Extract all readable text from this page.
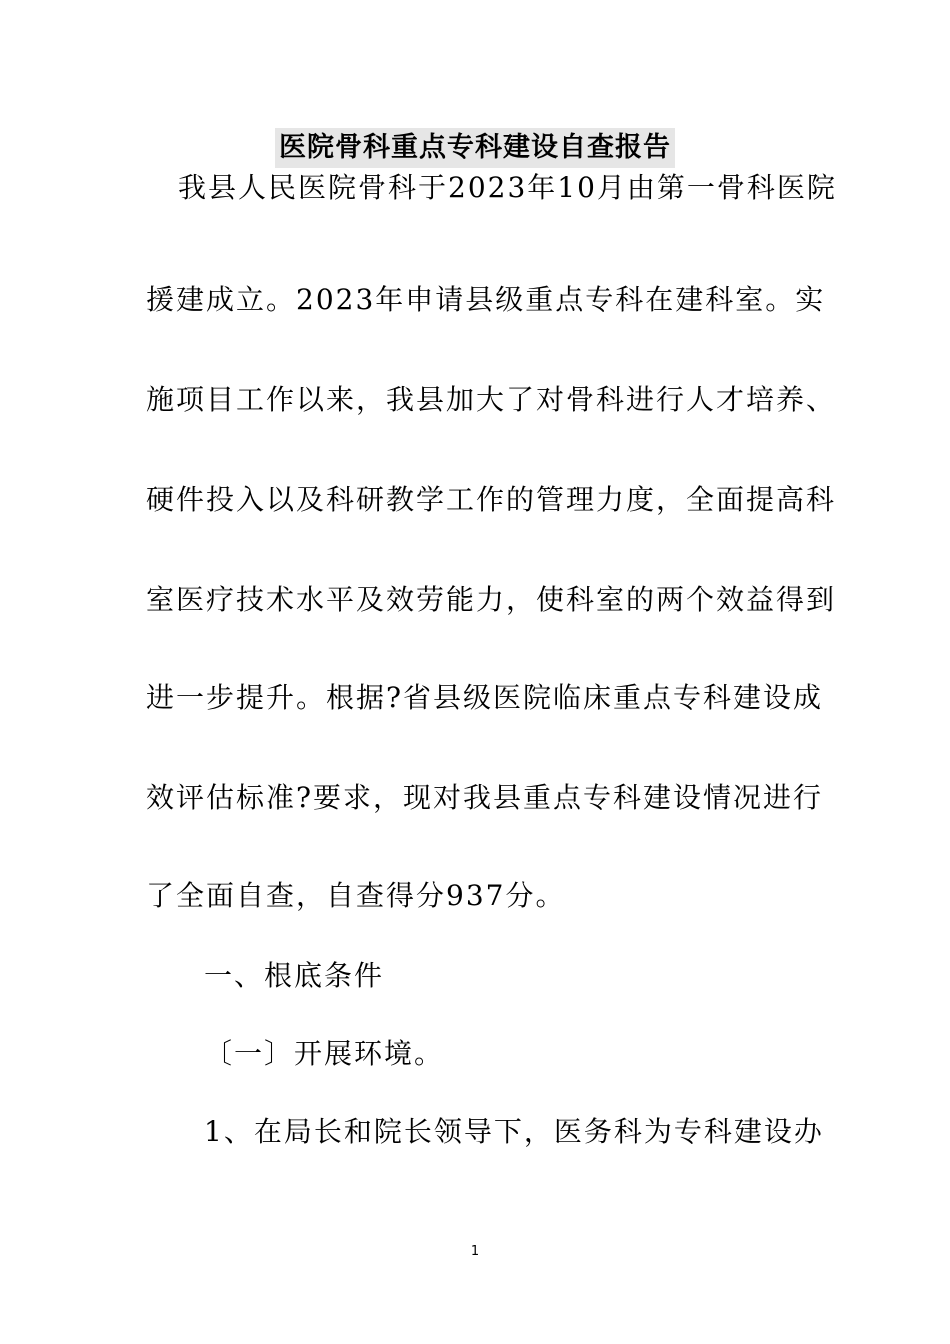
医院骨科重点专科建设自查报告
我县人民医院骨科于2023年10月由第一骨科医院
援建成立。2023年申请县级重点专科在建科室。实
施项目工作以来，我县加大了对骨科进行人才培养、
硬件投入以及科研教学工作的管理力度，全面提高科
室医疗技术水平及效劳能力，使科室的两个效益得到
进一步提升。根据?省县级医院临床重点专科建设成
效评估标准?要求，现对我县重点专科建设情况进行
了全面自查，自查得分937分。
一、根底条件
〔一〕开展环境。
1、在局长和院长领导下，医务科为专科建设办
1
